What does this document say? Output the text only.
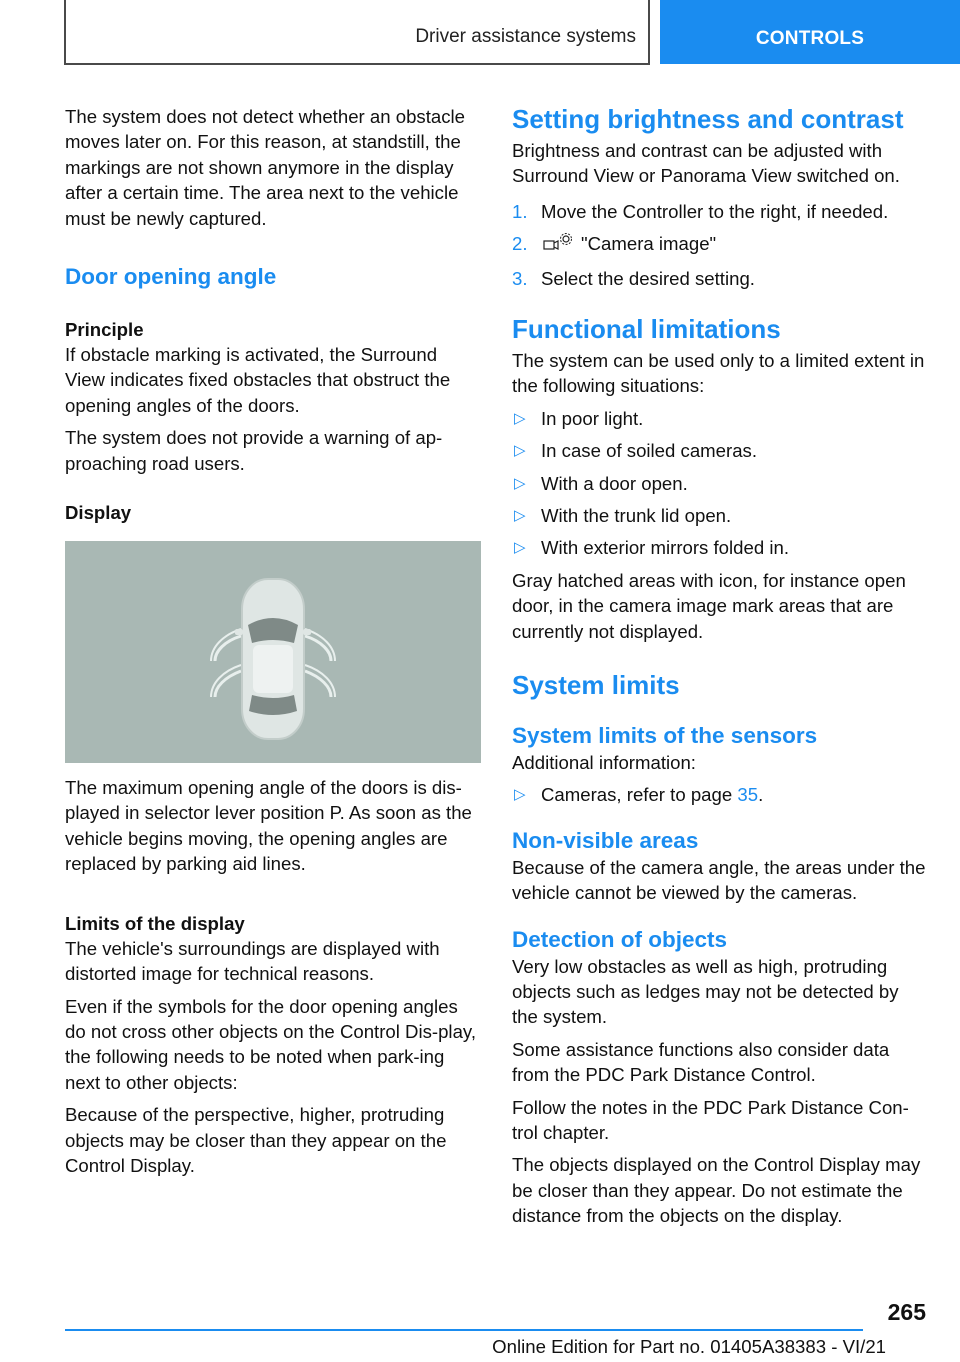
Driver assistance systems	CONTROLS

The system does not detect whether an obstacle moves later on. For this reason, at standstill, the markings are not shown anymore in the display after a certain time. The area next to the vehicle must be newly captured.

Door opening angle
Principle

If obstacle marking is activated, the Surround View indicates fixed obstacles that obstruct the opening angles of the doors.

The system does not provide a warning of ap‐proaching road users.

Display

The maximum opening angle of the doors is dis‐played in selector lever position P. As soon as the vehicle begins moving, the opening angles are replaced by parking aid lines.

Limits of the display

The vehicle's surroundings are displayed with distorted image for technical reasons.

Even if the symbols for the door opening angles do not cross other objects on the Control Dis‐play, the following needs to be noted when park‐ing next to other objects:

Because of the perspective, higher, protruding objects may be closer than they appear on the Control Display.

Setting brightness and contrast

Brightness and contrast can be adjusted with Surround View or Panorama View switched on.

1. Move the Controller to the right, if needed.
2.	"Camera image"
3. Select the desired setting.
Functional limitations

The system can be used only to a limited extent in the following situations:

▷ In poor light.
▷ In case of soiled cameras.
▷ With a door open.
▷ With the trunk lid open.
▷ With exterior mirrors folded in.

Gray hatched areas with icon, for instance open door, in the camera image mark areas that are currently not displayed.

System limits
System limits of the sensors

Additional information:

▷ Cameras, refer to page 35.
Non-visible areas

Because of the camera angle, the areas under the vehicle cannot be viewed by the cameras.

Detection of objects

Very low obstacles as well as high, protruding objects such as ledges may not be detected by the system.

Some assistance functions also consider data from the PDC Park Distance Control.

Follow the notes in the PDC Park Distance Con‐trol chapter.

The objects displayed on the Control Display may be closer than they appear. Do not estimate the distance from the objects on the display.

265
Online Edition for Part no. 01405A38383 - VI/21
